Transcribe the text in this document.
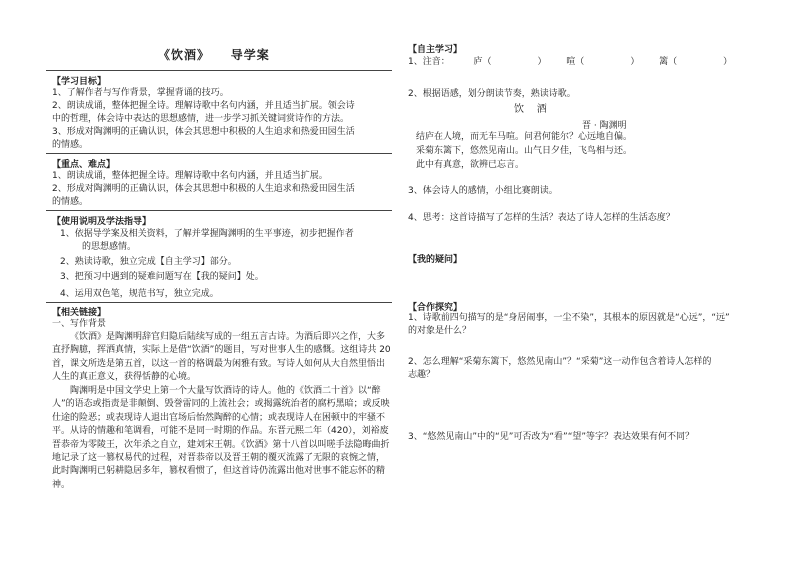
《饮酒》    导学案
【学习目标】
1、了解作者与写作背景，掌握背诵的技巧。
2、朗读成诵，整体把握全诗。理解诗歌中名句内涵，并且适当扩展。领会诗
中的哲理，体会诗中表达的思想感情，进一步学习抓关键词赏诗作的方法。
3、形成对陶渊明的正确认识，体会其思想中积极的人生追求和热爱田园生活
的情感。
【重点、难点】
1、朗读成诵，整体把握全诗。理解诗歌中名句内涵，并且适当扩展。
2、形成对陶渊明的正确认识，体会其思想中积极的人生追求和热爱田园生活
的情感。
【使用说明及学法指导】
1、依据导学案及相关资料，了解并掌握陶渊明的生平事迹，初步把握作者
的思想感情。
2、熟读诗歌，独立完成【自主学习】部分。
3、把预习中遇到的疑难问题写在【我的疑问】处。
4、运用双色笔，规范书写，独立完成。
【相关链接】
一、写作背景
《饮酒》是陶渊明辞官归隐后陆续写成的一组五言古诗。为酒后即兴之作，大多直抒胸臆，挥洒真情，实际上是借“饮酒”的题目，写对世事人生的感慨。这组诗共 20 首，课文所选是第五首，以这一首的格调最为闲雅有致。写诗人如何从大自然里悟出人生的真正意义，获得恬静的心境。
陶渊明是中国文学史上第一个大量写饮酒诗的诗人。他的《饮酒二十首》以“醉人”的语态或指责是非颠倒、毁誉雷同的上流社会；或揭露统治者的腐朽黑暗；或反映仕途的险恶；或表现诗人退出官场后怡然陶醉的心情；或表现诗人在困顿中的牢骚不平。从诗的情趣和笔调看，可能不是同一时期的作品。东晋元熙二年（420），刘裕废晋恭帝为零陵王，次年杀之自立，建刘宋王朝。《饮酒》第十八首以叫嗟手法隐晦曲折地记录了这一篡权易代的过程，对晋恭帝以及晋王朝的覆灭流露了无限的哀惋之情，此时陶渊明已躬耕隐居多年，篡权看惯了，但这首诗仍流露出他对世事不能忘怀的精神。
【自主学习】
1、注音：	庐（	） 喧（	） 篱（	）
2、根据语感，划分朗读节奏，熟读诗歌。
饮    酒
晋 · 陶渊明
结庐在人境，而无车马喧。问君何能尔？心远地自偏。
采菊东篱下，悠然见南山。山气日夕佳，飞鸟相与还。
此中有真意，欲辨已忘言。
3、体会诗人的感情，小组比赛朗读。
4、思考：这首诗描写了怎样的生活？表达了诗人怎样的生活态度？
【我的疑问】
【合作探究】
1、诗歌前四句描写的是“身居闹事，一尘不染”，其根本的原因就是“心远”，“远”
的对象是什么？
2、怎么理解“采菊东篱下，悠然见南山”？“采菊”这一动作包含着诗人怎样的
志趣？
3、“悠然见南山”中的“见”可否改为“看”“望”等字？表达效果有何不同？
